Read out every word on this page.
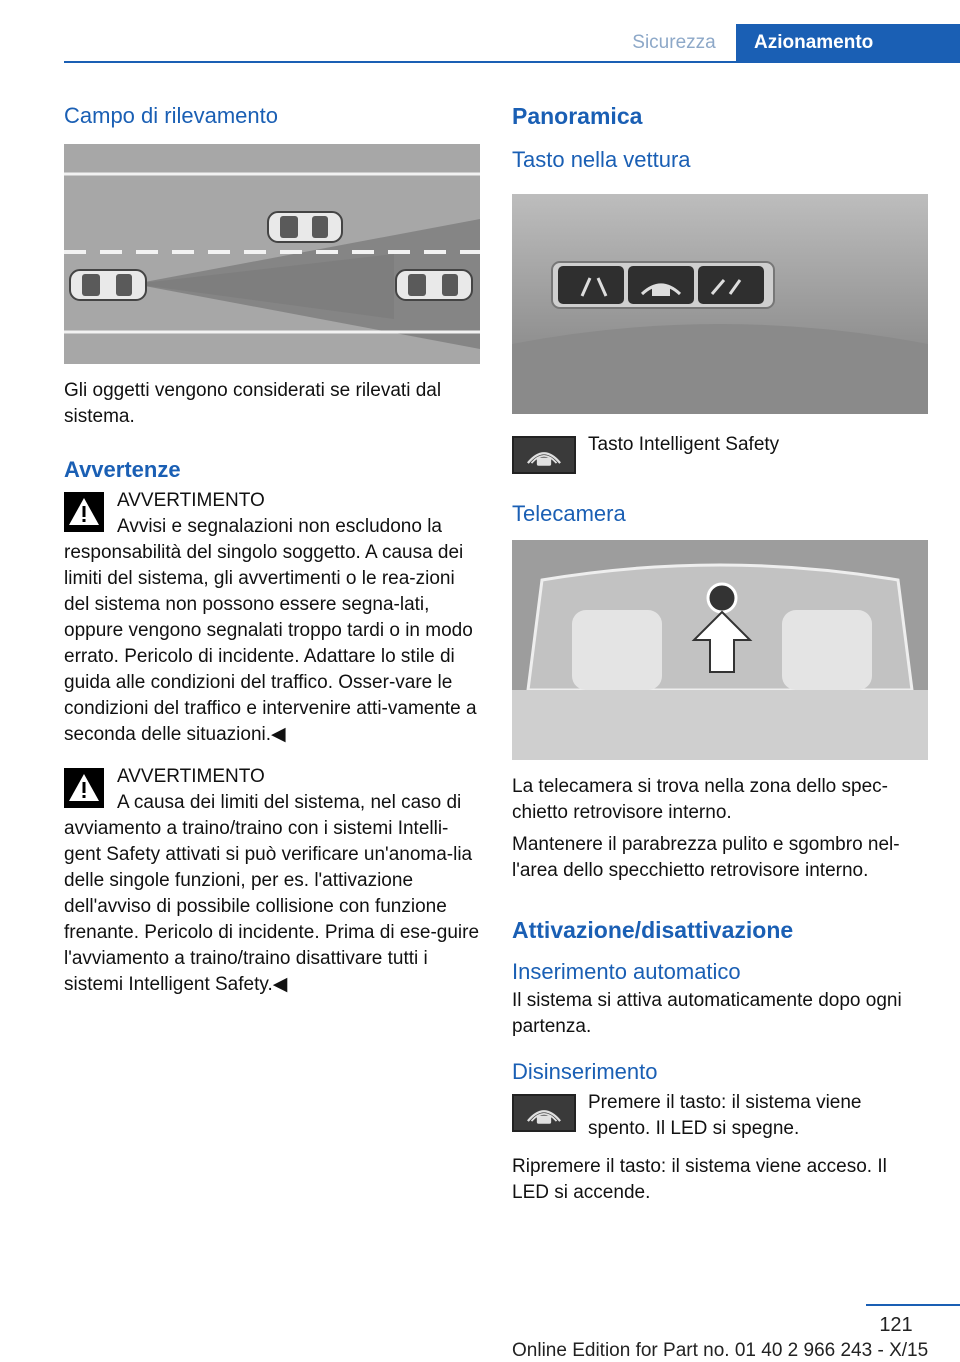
Sicurezza	Azionamento
Campo di rilevamento

Gli oggetti vengono considerati se rilevati dal sistema.

Avvertenze
AVVERTIMENTO

Avvisi e segnalazioni non escludono la responsabilità del singolo soggetto. A causa dei limiti del sistema, gli avvertimenti o le rea-zioni del sistema non possono essere segna-lati, oppure vengono segnalati troppo tardi o in modo errato. Pericolo di incidente. Adattare lo stile di guida alle condizioni del traffico. Osser-vare le condizioni del traffico e intervenire atti-vamente a seconda delle situazioni.◀

AVVERTIMENTO

A causa dei limiti del sistema, nel caso di avviamento a traino/traino con i sistemi Intelli-gent Safety attivati si può verificare un'anoma-lia delle singole funzioni, per es. l'attivazione dell'avviso di possibile collisione con funzione frenante. Pericolo di incidente. Prima di ese-guire l'avviamento a traino/traino disattivare tutti i sistemi Intelligent Safety.◀

Panoramica
Tasto nella vettura
Tasto Intelligent Safety
Telecamera

La telecamera si trova nella zona dello spec-chietto retrovisore interno.

Mantenere il parabrezza pulito e sgombro nel-l'area dello specchietto retrovisore interno.

Attivazione/disattivazione
Inserimento automatico

Il sistema si attiva automaticamente dopo ogni partenza.

Disinserimento
Premere il tasto: il sistema viene spento. Il LED si spegne.

Ripremere il tasto: il sistema viene acceso. Il LED si accende.

121
Online Edition for Part no. 01 40 2 966 243 - X/15
